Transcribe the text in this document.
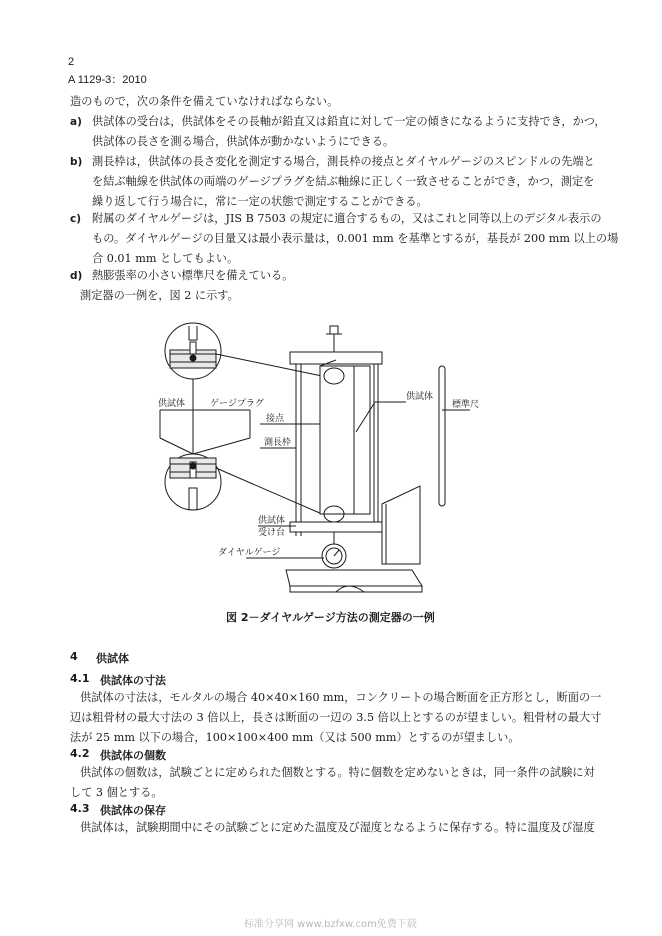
2
A 1129-3：2010
造のもので，次の条件を備えていなければならない。
a) 供試体の受台は，供試体をその長軸が鉛直又は鉛直に対して一定の傾きになるように支持でき，かつ，
供試体の長さを測る場合，供試体が動かないようにできる。
b) 測長枠は，供試体の長さ変化を測定する場合，測長枠の接点とダイヤルゲージのスピンドルの先端と
を結ぶ軸線を供試体の両端のゲージプラグを結ぶ軸線に正しく一致させることができ，かつ，測定を
繰り返して行う場合に，常に一定の状態で測定することができる。
c) 附属のダイヤルゲージは，JIS B 7503 の規定に適合するもの，又はこれと同等以上のデジタル表示の
もの。ダイヤルゲージの目量又は最小表示量は，0.001 mm を基準とするが，基長が 200 mm 以上の場
合 0.01 mm としてもよい。
d) 熱膨張率の小さい標準尺を備えている。
測定器の一例を，図 2 に示す。
供試体	ゲージプラグ
接点
測長枠
供試体
標準尺
供試体
受け台
ダイヤルゲージ
図 2－ダイヤルゲージ方法の測定器の一例
4 供試体
4.1 供試体の寸法
供試体の寸法は，モルタルの場合 40×40×160 mm，コンクリートの場合断面を正方形とし，断面の一
辺は粗骨材の最大寸法の 3 倍以上，長さは断面の一辺の 3.5 倍以上とするのが望ましい。粗骨材の最大寸
法が 25 mm 以下の場合，100×100×400 mm（又は 500 mm）とするのが望ましい。
4.2 供試体の個数
供試体の個数は，試験ごとに定められた個数とする。特に個数を定めないときは，同一条件の試験に対
して 3 個とする。
4.3 供試体の保存
供試体は，試験期間中にその試験ごとに定めた温度及び湿度となるように保存する。特に温度及び湿度
标准分享网 www.bzfxw.com免费下载
